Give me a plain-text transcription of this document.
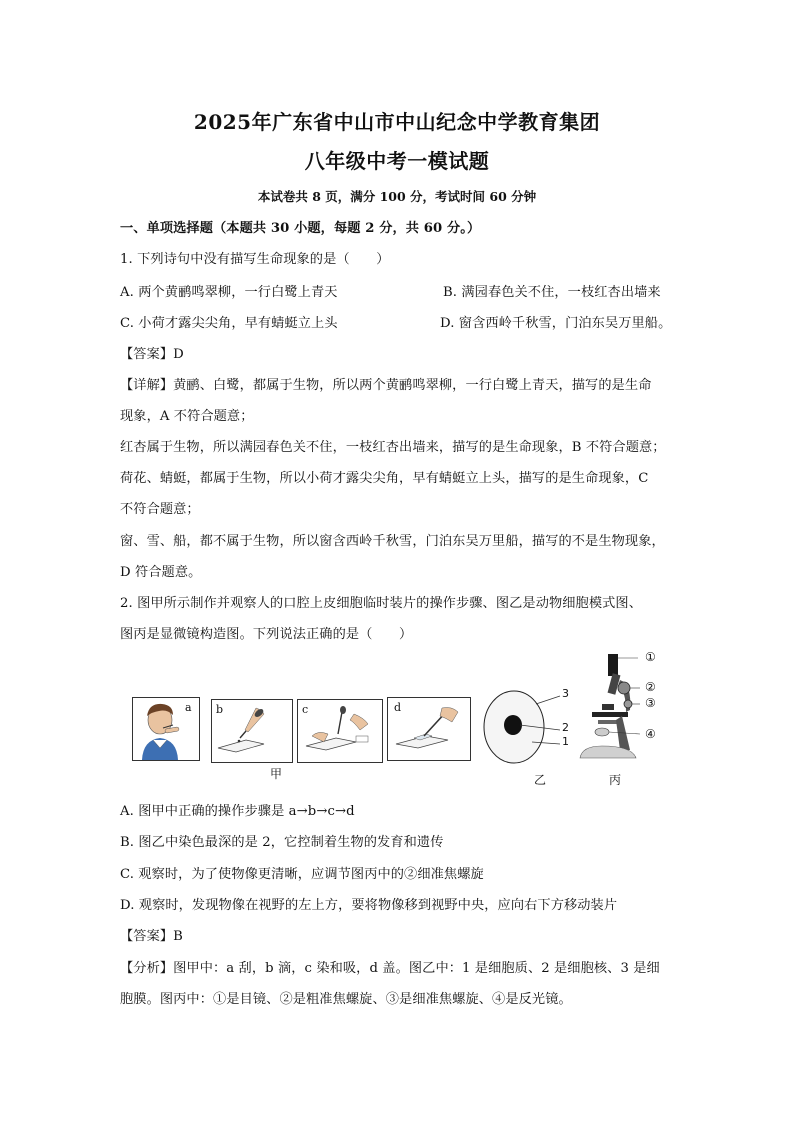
2025年广东省中山市中山纪念中学教育集团
八年级中考一模试题
本试卷共 8 页，满分 100 分，考试时间 60 分钟
一、单项选择题（本题共 30 小题，每题 2 分，共 60 分。）
1. 下列诗句中没有描写生命现象的是（　　）
A. 两个黄鹂鸣翠柳，一行白鹭上青天	B. 满园春色关不住，一枝红杏出墙来
C. 小荷才露尖尖角，早有蜻蜓立上头	D. 窗含西岭千秋雪，门泊东吴万里船。
【答案】D
【详解】黄鹂、白鹭，都属于生物，所以两个黄鹂鸣翠柳，一行白鹭上青天，描写的是生命
现象，A 不符合题意；
红杏属于生物，所以满园春色关不住，一枝红杏出墙来，描写的是生命现象，B 不符合题意；
荷花、蜻蜓，都属于生物，所以小荷才露尖尖角，早有蜻蜓立上头，描写的是生命现象，C
不符合题意；
窗、雪、船，都不属于生物，所以窗含西岭千秋雪，门泊东吴万里船，描写的不是生物现象，
D 符合题意。
2. 图甲所示制作并观察人的口腔上皮细胞临时装片的操作步骤、图乙是动物细胞模式图、
图丙是显微镜构造图。下列说法正确的是（　　）
a b	c	d
甲
3
2
1
乙
①
②
③
④
丙
A. 图甲中正确的操作步骤是 a→b→c→d
B. 图乙中染色最深的是 2，它控制着生物的发育和遗传
C. 观察时，为了使物像更清晰，应调节图丙中的②细准焦螺旋
D. 观察时，发现物像在视野的左上方，要将物像移到视野中央，应向右下方移动装片
【答案】B
【分析】图甲中：a 刮，b 滴，c 染和吸，d 盖。图乙中：1 是细胞质、2 是细胞核、3 是细
胞膜。图丙中：①是目镜、②是粗准焦螺旋、③是细准焦螺旋、④是反光镜。
